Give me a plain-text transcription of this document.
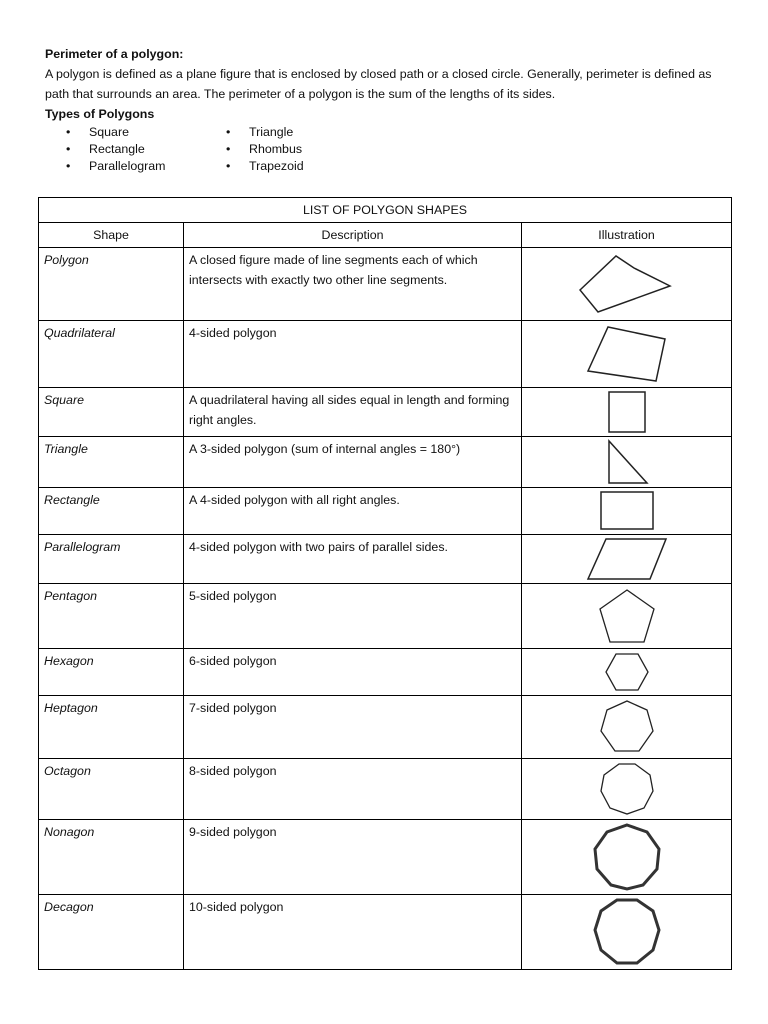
Perimeter of a polygon:

A polygon is defined as a plane figure that is enclosed by closed path or a closed circle. Generally, perimeter is defined as path that surrounds an area. The perimeter of a polygon is the sum of the lengths of its sides.

Types of Polygons

• Square
• Rectangle
• Parallelogram
• Triangle
• Rhombus
• Trapezoid
LIST OF POLYGON SHAPES		
Shape	Description	Illustration
Polygon	A closed figure made of line segments each of which intersects with exactly two other line segments.	

Quadrilateral	4-sided polygon	

Square	A quadrilateral having all sides equal in length and forming right angles.	

Triangle	A 3-sided polygon (sum of internal angles = 180°)	

Rectangle	A 4-sided polygon with all right angles.	

Parallelogram	4-sided polygon with two pairs of parallel sides.	

Pentagon	5-sided polygon	

Hexagon	6-sided polygon	

Heptagon	7-sided polygon	

Octagon	8-sided polygon	

Nonagon	9-sided polygon	

Decagon	10-sided polygon	
